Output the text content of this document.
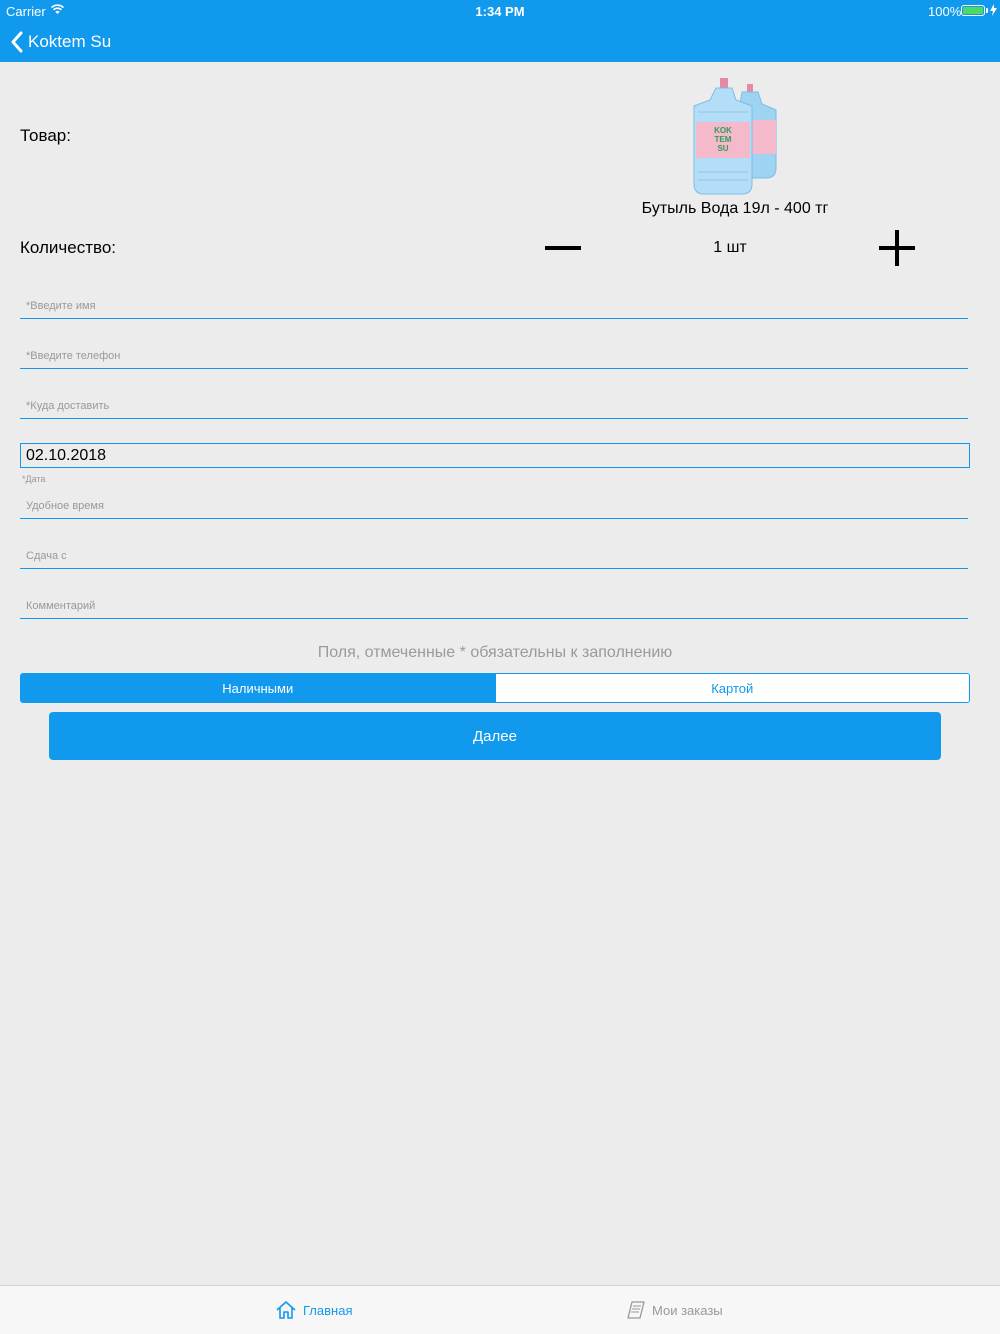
Carrier	1:34 PM	100%
Koktem Su
Товар:	KOK
TEM
SU
Бутыль Вода 19л - 400 тг
Количество:	1 шт
*Введите имя
*Введите телефон
*Куда доставить
02.10.2018
*Дата
Удобное время
Сдача с
Комментарий
Поля, отмеченные * обязательны к заполнению
Наличными	Картой
Далее
Главная	Мои заказы
